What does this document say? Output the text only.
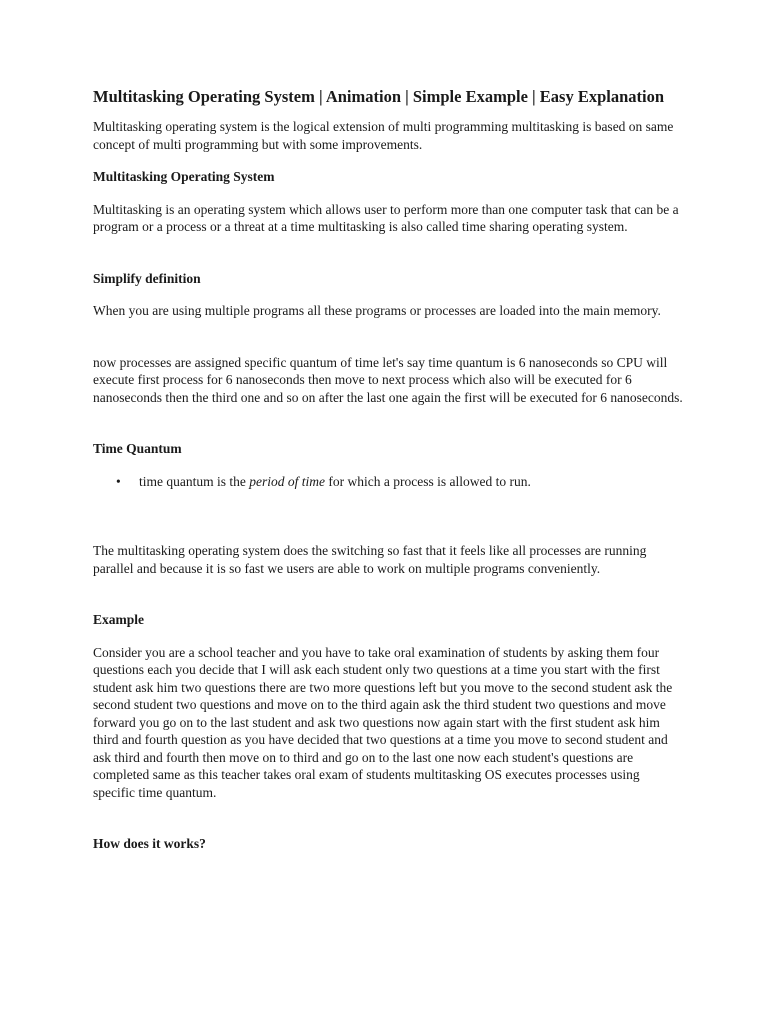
Multitasking Operating System | Animation | Simple Example | Easy Explanation

Multitasking operating system is the logical extension of multi programming multitasking is based on same concept of multi programming but with some improvements.

Multitasking Operating System

Multitasking is an operating system which allows user to perform more than one computer task that can be a program or a process or a threat at a time multitasking is also called time sharing operating system.

Simplify definition

When you are using multiple programs all these programs or processes are loaded into the main memory.

now processes are assigned specific quantum of time let's say time quantum is 6 nanoseconds so CPU will execute first process for 6 nanoseconds then move to next process which also will be executed for 6 nanoseconds then the third one and so on after the last one again the first will be executed for 6 nanoseconds.

Time Quantum
• time quantum is the period of time for which a process is allowed to run.

The multitasking operating system does the switching so fast that it feels like all processes are running parallel and because it is so fast we users are able to work on multiple programs conveniently.

Example

Consider you are a school teacher and you have to take oral examination of students by asking them four questions each you decide that I will ask each student only two questions at a time you start with the first student ask him two questions there are two more questions left but you move to the second student ask the second student two questions and move on to the third again ask the third student two questions and move forward you go on to the last student and ask two questions now again start with the first student ask him third and fourth question as you have decided that two questions at a time you move to second student and ask third and fourth then move on to third and go on to the last one now each student's questions are completed same as this teacher takes oral exam of students multitasking OS executes processes using specific time quantum.

How does it works?
